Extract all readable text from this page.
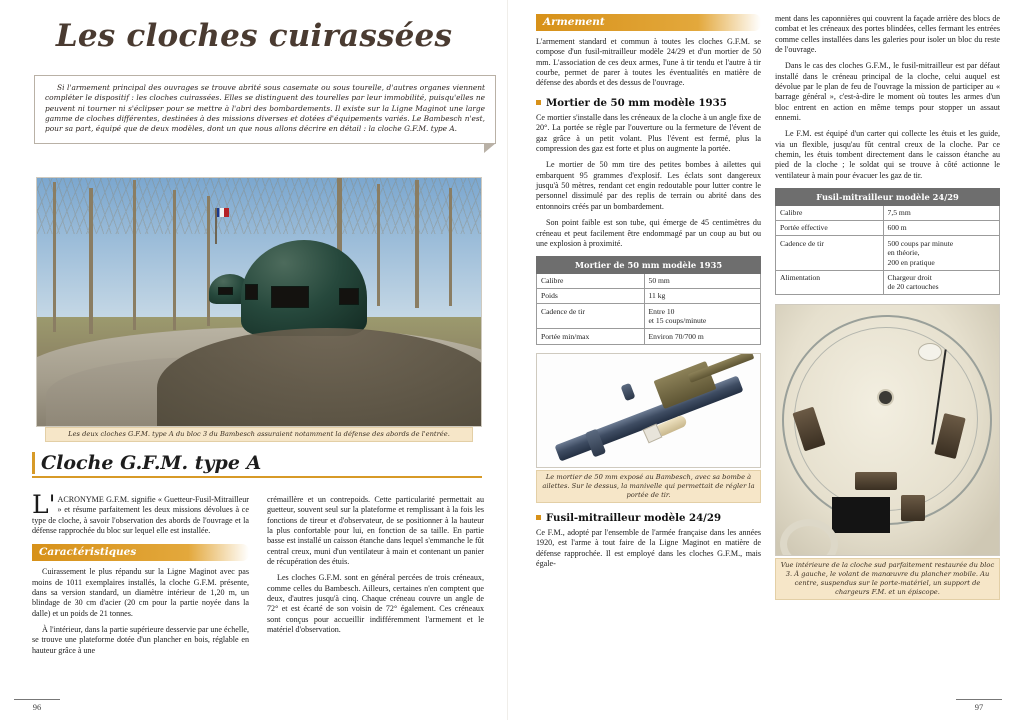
Les cloches cuirassées

Si l'armement principal des ouvrages se trouve abrité sous casemate ou sous tourelle, d'autres organes viennent compléter le dispositif : les cloches cuirassées. Elles se distinguent des tourelles par leur immobilité, puisqu'elles ne peuvent ni tourner ni s'éclipser pour se mettre à l'abri des bombardements. Il existe sur la Ligne Maginot une large gamme de cloches différentes, destinées à des missions diverses et dotées d'équipements variés. Le Bambesch n'est, pour sa part, équipé que de deux modèles, dont un que nous allons décrire en détail : la cloche G.F.M. type A.

Les deux cloches G.F.M. type A du bloc 3 du Bambesch assuraient notamment la défense des abords de l'entrée.
Cloche G.F.M. type A

L'ACRONYME G.F.M. signifie « Guetteur-Fusil-Mitrailleur » et résume parfaitement les deux missions dévolues à ce type de cloche, à savoir l'observation des abords de l'ouvrage et la défense rapprochée du bloc sur lequel elle est installée.

Caractéristiques

Cuirassement le plus répandu sur la Ligne Maginot avec pas moins de 1011 exemplaires installés, la cloche G.F.M. présente, dans sa version standard, un diamètre intérieur de 1,20 m, un blindage de 30 cm d'acier (20 cm pour la partie noyée dans la dalle) et un poids de 21 tonnes.

À l'intérieur, dans la partie supérieure desservie par une échelle, se trouve une plateforme dotée d'un plancher en bois, réglable en hauteur grâce à une

crémaillère et un contrepoids. Cette particularité permettait au guetteur, souvent seul sur la plateforme et remplissant à la fois les fonctions de tireur et d'observateur, de se positionner à la hauteur la plus confortable pour lui, en fonction de sa taille. En partie basse est installé un caisson étanche dans lequel s'emmanche le fût central creux, muni d'un ventilateur à main et contenant un panier de récupération des étuis.

Les cloches G.F.M. sont en général percées de trois créneaux, comme celles du Bambesch. Ailleurs, certaines n'en comptent que deux, d'autres jusqu'à cinq. Chaque créneau couvre un angle de 72° et est écarté de son voisin de 72° également. Ces créneaux sont conçus pour accueillir indifféremment l'armement et le matériel d'observation.

96
Armement

L'armement standard et commun à toutes les cloches G.F.M. se compose d'un fusil-mitrailleur modèle 24/29 et d'un mortier de 50 mm. L'association de ces deux armes, l'une à tir tendu et l'autre à tir courbe, permet de parer à toutes les éventualités en matière de défense des abords et des dessus de l'ouvrage.

Mortier de 50 mm modèle 1935

Ce mortier s'installe dans les créneaux de la cloche à un angle fixe de 20°. La portée se règle par l'ouverture ou la fermeture de l'évent de gaz grâce à un petit volant. Plus l'évent est fermé, plus la compression des gaz est forte et plus on augmente la portée.

Le mortier de 50 mm tire des petites bombes à ailettes qui embarquent 95 grammes d'explosif. Les éclats sont dangereux jusqu'à 50 mètres, rendant cet engin redoutable pour lutter contre le personnel dissimulé par des replis de terrain ou abrité dans des entonnoirs créés par un bombardement.

Son point faible est son tube, qui émerge de 45 centimètres du créneau et peut facilement être endommagé par un coup au but ou une explosion à proximité.

Mortier de 50 mm modèle 1935	
Calibre	50 mm
Poids	11 kg
Cadence de tir	Entre 10
et 15 coups/minute
Portée min/max	Environ 70/700 m
Le mortier de 50 mm exposé au Bambesch, avec sa bombe à ailettes. Sur le dessus, la manivelle qui permettait de régler la portée de tir.
Fusil-mitrailleur modèle 24/29

Ce F.M., adopté par l'ensemble de l'armée française dans les années 1920, est l'arme à tout faire de la Ligne Maginot en matière de défense rapprochée. Il est employé dans les cloches G.F.M., mais égale-

ment dans les caponnières qui couvrent la façade arrière des blocs de combat et les créneaux des portes blindées, celles fermant les entrées comme celles installées dans les galeries pour isoler un bloc du reste de l'ouvrage.

Dans le cas des cloches G.F.M., le fusil-mitrailleur est par défaut installé dans le créneau principal de la cloche, celui auquel est dévolue par le plan de feu de l'ouvrage la mission de participer au « barrage général », c'est-à-dire le moment où toutes les armes d'un bloc entrent en action en même temps pour stopper un assaut ennemi.

Le F.M. est équipé d'un carter qui collecte les étuis et les guide, via un flexible, jusqu'au fût central creux de la cloche. Par ce chemin, les étuis tombent directement dans le caisson étanche au pied de la cloche ; le soldat qui se trouve à côté actionne le ventilateur à main pour évacuer les gaz de tir.

Fusil-mitrailleur modèle 24/29	
Calibre	7,5 mm
Portée effective	600 m
Cadence de tir	500 coups par minute
en théorie,
200 en pratique
Alimentation	Chargeur droit
de 20 cartouches
Vue intérieure de la cloche sud parfaitement restaurée du bloc 3. À gauche, le volant de manœuvre du plancher mobile. Au centre, suspendus sur le porte-matériel, un support de chargeurs F.M. et un épiscope.
97
